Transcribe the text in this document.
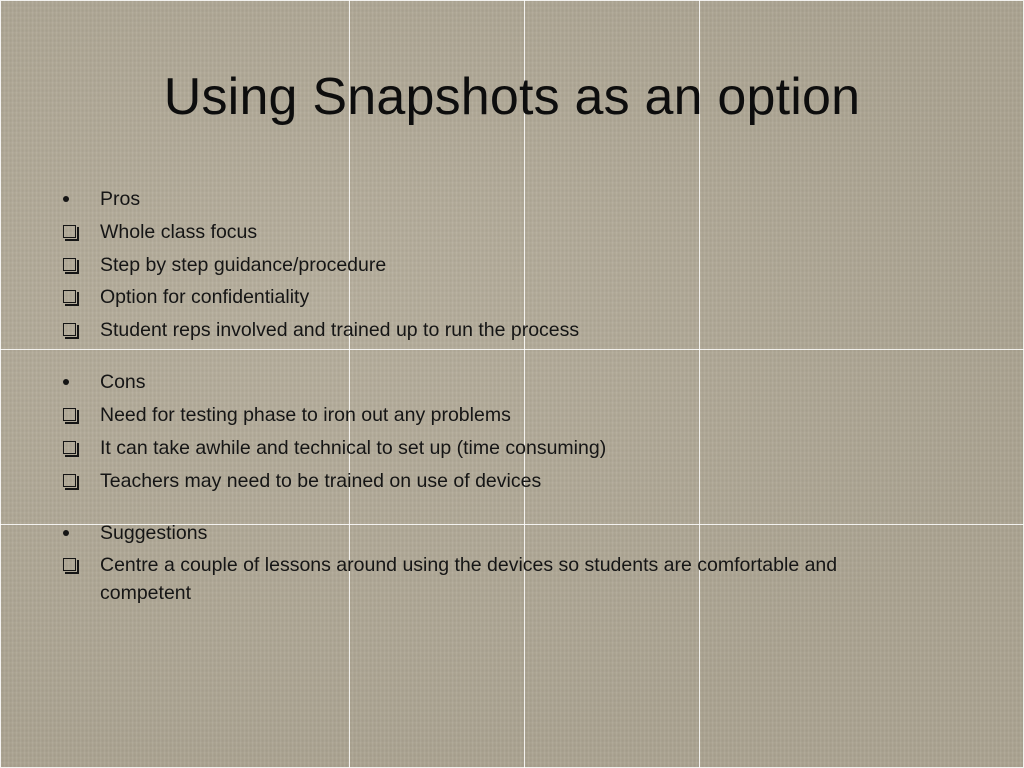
Using Snapshots as an option
Pros
Whole class focus
Step by step guidance/procedure
Option for confidentiality
Student reps involved and trained up to run the process
Cons
Need for testing phase to iron out any problems
It can take awhile and technical to set up (time consuming)
Teachers may need to be trained on use of devices
Suggestions
Centre a couple of lessons around using the devices so students are comfortable and competent
